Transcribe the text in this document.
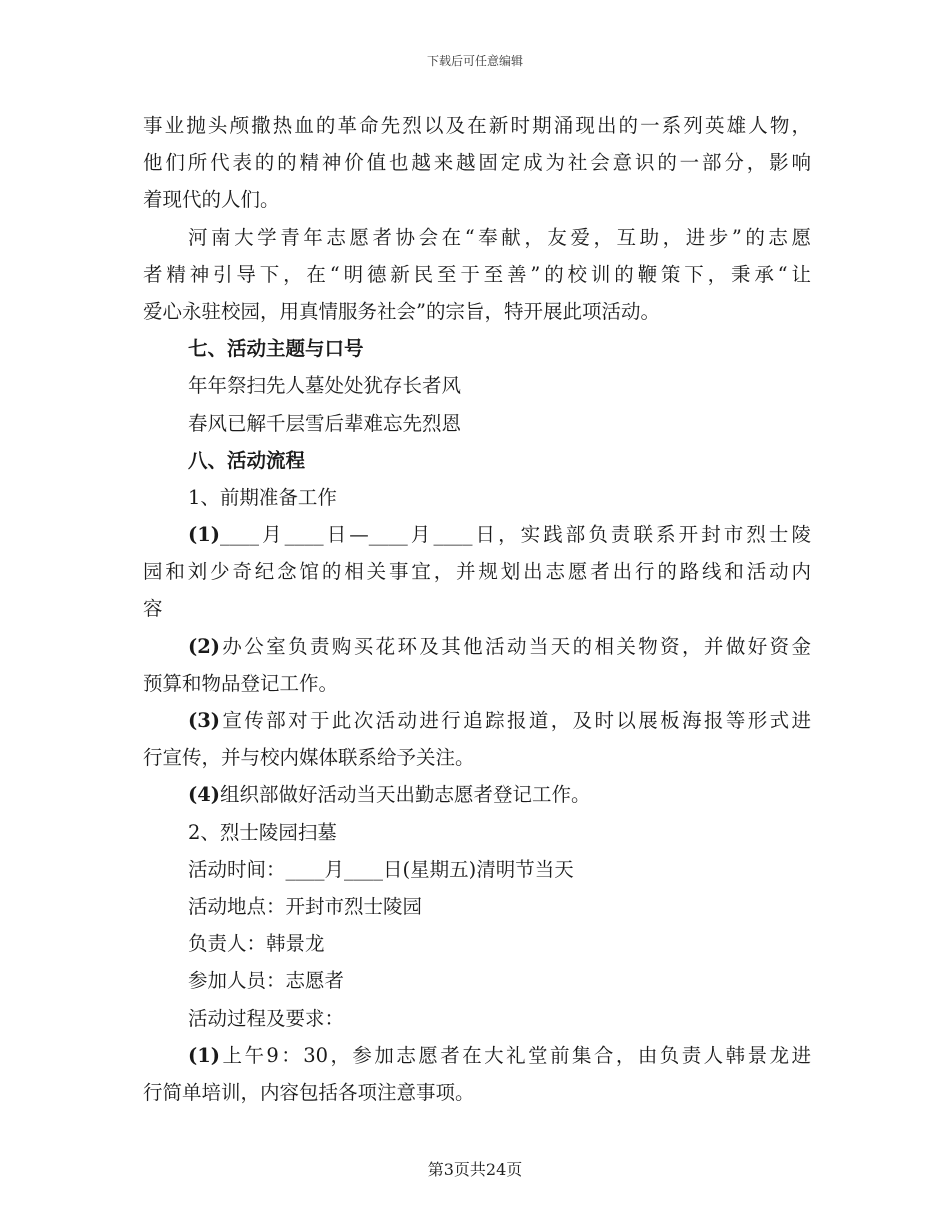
下载后可任意编辑
事业抛头颅撒热血的革命先烈以及在新时期涌现出的一系列英雄人物，
他们所代表的的精神价值也越来越固定成为社会意识的一部分，影响
着现代的人们。
河南大学青年志愿者协会在“奉献，友爱，互助，进步”的志愿
者精神引导下，在“明德新民至于至善”的校训的鞭策下，秉承“让
爱心永驻校园，用真情服务社会”的宗旨，特开展此项活动。
七、活动主题与口号
年年祭扫先人墓处处犹存长者风
春风已解千层雪后辈难忘先烈恩
八、活动流程
1、前期准备工作
(1)____月____日—____月____日，实践部负责联系开封市烈士陵
园和刘少奇纪念馆的相关事宜，并规划出志愿者出行的路线和活动内
容
(2)办公室负责购买花环及其他活动当天的相关物资，并做好资金
预算和物品登记工作。
(3)宣传部对于此次活动进行追踪报道，及时以展板海报等形式进
行宣传，并与校内媒体联系给予关注。
(4)组织部做好活动当天出勤志愿者登记工作。
2、烈士陵园扫墓
活动时间：____月____日(星期五)清明节当天
活动地点：开封市烈士陵园
负责人：韩景龙
参加人员：志愿者
活动过程及要求：
(1)上午9：30，参加志愿者在大礼堂前集合，由负责人韩景龙进
行简单培训，内容包括各项注意事项。
第3页共24页
